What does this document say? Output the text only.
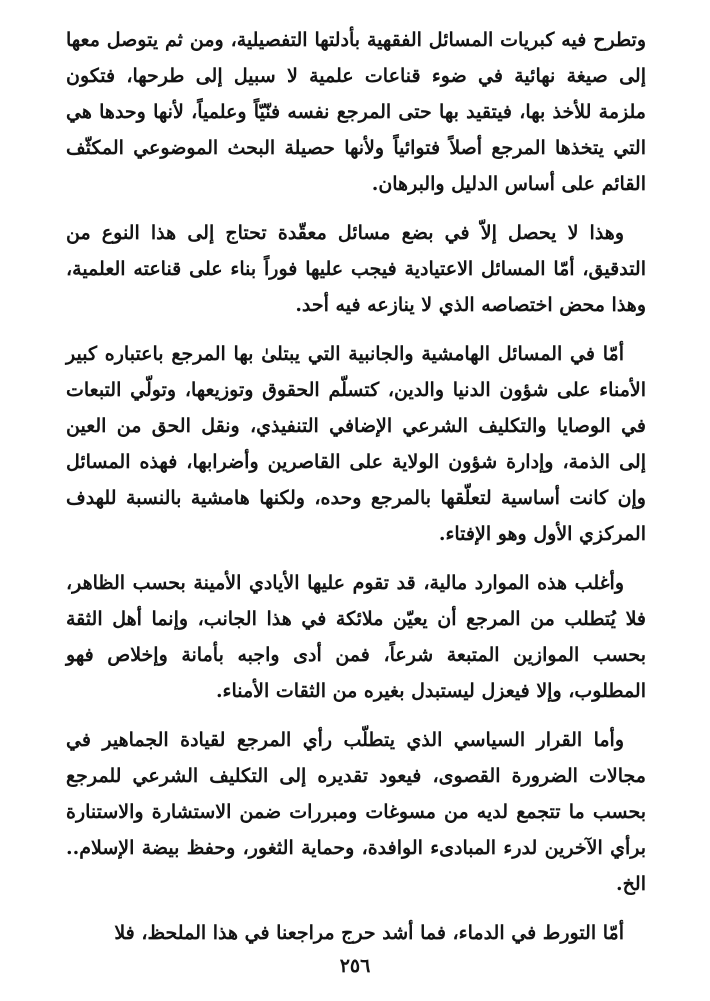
وتطرح فيه كبريات المسائل الفقهية بأدلتها التفصيلية، ومن ثم يتوصل معها إلى صيغة نهائية في ضوء قناعات علمية لا سبيل إلى طرحها، فتكون ملزمة للأخذ بها، فيتقيد بها حتى المرجع نفسه فنّيّاً وعلمياً، لأنها وحدها هي التي يتخذها المرجع أصلاً فتوائياً ولأنها حصيلة البحث الموضوعي المكثّف القائم على أساس الدليل والبرهان.

وهذا لا يحصل إلاّ في بضع مسائل معقّدة تحتاج إلى هذا النوع من التدقيق، أمّا المسائل الاعتيادية فيجب عليها فوراً بناء على قناعته العلمية، وهذا محض اختصاصه الذي لا ينازعه فيه أحد.

أمّا في المسائل الهامشية والجانبية التي يبتلىٰ بها المرجع باعتباره كبير الأمناء على شؤون الدنيا والدين، كتسلّم الحقوق وتوزيعها، وتولّي التبعات في الوصايا والتكليف الشرعي الإضافي التنفيذي، ونقل الحق من العين إلى الذمة، وإدارة شؤون الولاية على القاصرين وأضرابها، فهذه المسائل وإن كانت أساسية لتعلّقها بالمرجع وحده، ولكنها هامشية بالنسبة للهدف المركزي الأول وهو الإفتاء.

وأغلب هذه الموارد مالية، قد تقوم عليها الأيادي الأمينة بحسب الظاهر، فلا يُتطلب من المرجع أن يعيّن ملائكة في هذا الجانب، وإنما أهل الثقة بحسب الموازين المتبعة شرعاً، فمن أدى واجبه بأمانة وإخلاص فهو المطلوب، وإلا فيعزل ليستبدل بغيره من الثقات الأمناء.

وأما القرار السياسي الذي يتطلّب رأي المرجع لقيادة الجماهير في مجالات الضرورة القصوى، فيعود تقديره إلى التكليف الشرعي للمرجع بحسب ما تتجمع لديه من مسوغات ومبررات ضمن الاستشارة والاستنارة برأي الآخرين لدرء المبادىء الوافدة، وحماية الثغور، وحفظ بيضة الإسلام.. الخ.

أمّا التورط في الدماء، فما أشد حرج مراجعنا في هذا الملحظ، فلا

٢٥٦
